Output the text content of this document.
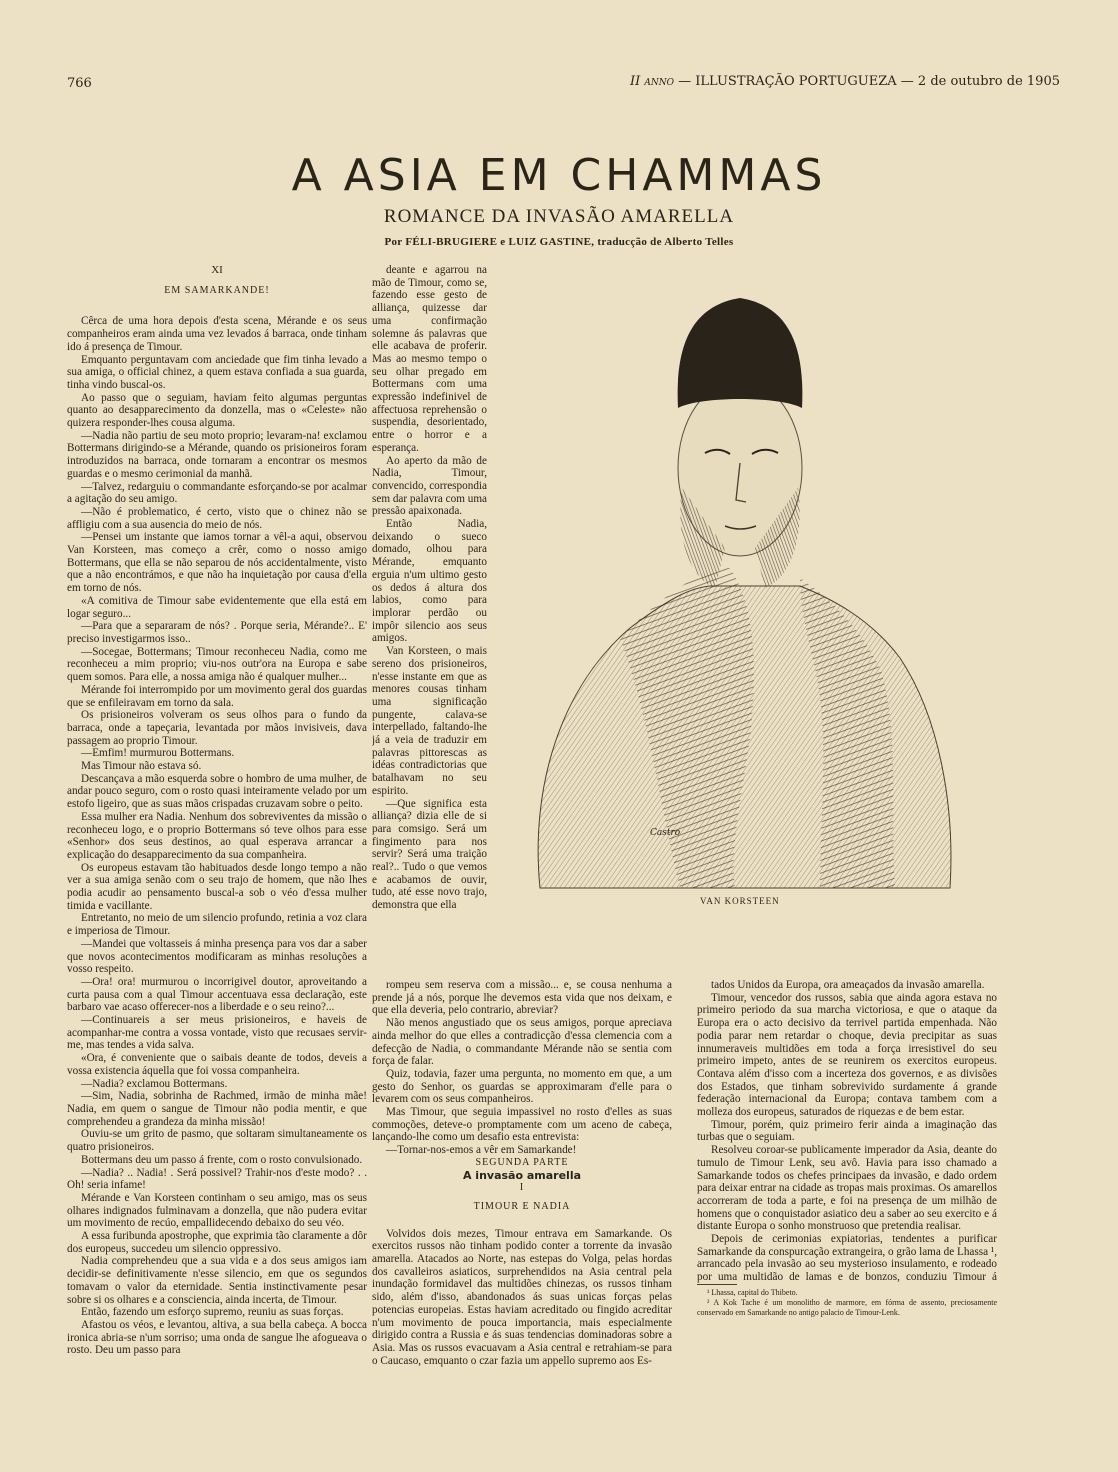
766	II anno — ILLUSTRAÇÃO PORTUGUEZA — 2 de outubro de 1905
A ASIA EM CHAMMAS
ROMANCE DA INVASÃO AMARELLA
Por FÉLI-BRUGIERE e LUIZ GASTINE, traducção de Alberto Telles
XI
EM SAMARKANDE!

Cêrca de uma hora depois d'esta scena, Mérande e os seus companheiros eram ainda uma vez levados á barraca, onde tinham ido á presença de Timour.

Emquanto perguntavam com anciedade que fim tinha levado a sua amiga, o official chinez, a quem estava confiada a sua guarda, tinha vindo buscal-os.

Ao passo que o seguiam, haviam feito algumas perguntas quanto ao desapparecimento da donzella, mas o «Celeste» não quizera responder-lhes cousa alguma.

—Nadia não partiu de seu moto proprio; levaram-na! exclamou Bottermans dirigindo-se a Mérande, quando os prisioneiros foram introduzidos na barraca, onde tornaram a encontrar os mesmos guardas e o mesmo cerimonial da manhã.

—Talvez, redarguiu o commandante esforçando-se por acalmar a agitação do seu amigo.

—Não é problematico, é certo, visto que o chinez não se affligiu com a sua ausencia do meio de nós.

—Pensei um instante que iamos tornar a vêl-a aqui, observou Van Korsteen, mas começo a crêr, como o nosso amigo Bottermans, que ella se não separou de nós accidentalmente, visto que a não encontrámos, e que não ha inquietação por causa d'ella em torno de nós.

«A comitiva de Timour sabe evidentemente que ella está em logar seguro...

—Para que a separaram de nós? . Porque seria, Mérande?.. E' preciso investigarmos isso..

—Socegae, Bottermans; Timour reconheceu Nadia, como me reconheceu a mim proprio; viu-nos outr'ora na Europa e sabe quem somos. Para elle, a nossa amiga não é qualquer mulher...

Mérande foi interrompido por um movimento geral dos guardas que se enfileiravam em torno da sala.

Os prisioneiros volveram os seus olhos para o fundo da barraca, onde a tapeçaria, levantada por mãos invisiveis, dava passagem ao proprio Timour.

—Emfim! murmurou Bottermans.

Mas Timour não estava só.

Descançava a mão esquerda sobre o hombro de uma mulher, de andar pouco seguro, com o rosto quasi inteiramente velado por um estofo ligeiro, que as suas mãos crispadas cruzavam sobre o peito.

Essa mulher era Nadia. Nenhum dos sobreviventes da missão o reconheceu logo, e o proprio Bottermans só teve olhos para esse «Senhor» dos seus destinos, ao qual esperava arrancar a explicação do desapparecimento da sua companheira.

Os europeus estavam tão habituados desde longo tempo a não ver a sua amiga senão com o seu trajo de homem, que não lhes podia acudir ao pensamento buscal-a sob o véo d'essa mulher timida e vacillante.

Entretanto, no meio de um silencio profundo, retinia a voz clara e imperiosa de Timour.

—Mandei que voltasseis á minha presença para vos dar a saber que novos acontecimentos modificaram as minhas resoluções a vosso respeito.

—Ora! ora! murmurou o incorrigivel doutor, aproveitando a curta pausa com a qual Timour accentuava essa declaração, este barbaro vae acaso offerecer-nos a liberdade e o seu reino?...

—Continuareis a ser meus prisioneiros, e haveis de acompanhar-me contra a vossa vontade, visto que recusaes servir-me, mas tendes a vida salva.

«Ora, é conveniente que o saibais deante de todos, deveis a vossa existencia áquella que foi vossa companheira.

—Nadia? exclamou Bottermans.

—Sim, Nadia, sobrinha de Rachmed, irmão de minha mãe! Nadia, em quem o sangue de Timour não podia mentir, e que comprehendeu a grandeza da minha missão!

Ouviu-se um grito de pasmo, que soltaram simultaneamente os quatro prisioneiros.

Bottermans deu um passo á frente, com o rosto convulsionado.

—Nadia? .. Nadia! . Será possivel? Trahir-nos d'este modo? . . Oh! seria infame!

Mérande e Van Korsteen continham o seu amigo, mas os seus olhares indignados fulminavam a donzella, que não pudera evitar um movimento de recúo, empallidecendo debaixo do seu véo.

A essa furibunda apostrophe, que exprimia tão claramente a dôr dos europeus, succedeu um silencio oppressivo.

Nadia comprehendeu que a sua vida e a dos seus amigos iam decidir-se definitivamente n'esse silencio, em que os segundos tomavam o valor da eternidade. Sentia instinctivamente pesar sobre si os olhares e a consciencia, ainda incerta, de Timour.

Então, fazendo um esforço supremo, reuniu as suas forças.

Afastou os véos, e levantou, altiva, a sua bella cabeça. A bocca ironica abria-se n'um sorriso; uma onda de sangue lhe afogueava o rosto. Deu um passo para

deante e agarrou na mão de Timour, como se, fazendo esse gesto de alliança, quizesse dar uma confirmação solemne ás palavras que elle acabava de proferir. Mas ao mesmo tempo o seu olhar pregado em Bottermans com uma expressão indefinivel de affectuosa reprehensão o suspendia, desorientado, entre o horror e a esperança.

Ao aperto da mão de Nadia, Timour, convencido, correspondia sem dar palavra com uma pressão apaixonada.

Então Nadia, deixando o sueco domado, olhou para Mérande, emquanto erguia n'um ultimo gesto os dedos á altura dos labios, como para implorar perdão ou impôr silencio aos seus amigos.

Van Korsteen, o mais sereno dos prisioneiros, n'esse instante em que as menores cousas tinham uma significação pungente, calava-se interpellado, faltando-lhe já a veia de traduzir em palavras pittorescas as idéas contradictorias que batalhavam no seu espirito.

—Que significa esta alliança? dizia elle de si para comsigo. Será um fingimento para nos servir? Será uma traição real?.. Tudo o que vemos e acabamos de ouvir, tudo, até esse novo trajo, demonstra que ella

Castro
VAN KORSTEEN

rompeu sem reserva com a missão... e, se cousa nenhuma a prende já a nós, porque lhe devemos esta vida que nos deixam, e que ella deveria, pelo contrario, abreviar?

Não menos angustiado que os seus amigos, porque apreciava ainda melhor do que elles a contradicção d'essa clemencia com a defecção de Nadia, o commandante Mérande não se sentia com força de falar.

Quiz, todavia, fazer uma pergunta, no momento em que, a um gesto do Senhor, os guardas se approximaram d'elle para o levarem com os seus companheiros.

Mas Timour, que seguia impassivel no rosto d'elles as suas commoções, deteve-o promptamente com um aceno de cabeça, lançando-lhe como um desafio esta entrevista:

—Tornar-nos-emos a vêr em Samarkande!

SEGUNDA PARTE

A invasão amarella

I

TIMOUR E NADIA

Volvidos dois mezes, Timour entrava em Samarkande. Os exercitos russos não tinham podido conter a torrente da invasão amarella. Atacados ao Norte, nas estepas do Volga, pelas hordas dos cavalleiros asiaticos, surprehendidos na Asia central pela inundação formidavel das multidões chinezas, os russos tinham sido, além d'isso, abandonados ás suas unicas forças pelas potencias europeias. Estas haviam acreditado ou fingido acreditar n'um movimento de pouca importancia, mais especialmente dirigido contra a Russia e ás suas tendencias dominadoras sobre a Asia. Mas os russos evacuavam a Asia central e retrahiam-se para o Caucaso, emquanto o czar fazia um appello supremo aos Es-

tados Unidos da Europa, ora ameaçados da invasão amarella.

Timour, vencedor dos russos, sabia que ainda agora estava no primeiro periodo da sua marcha victoriosa, e que o ataque da Europa era o acto decisivo da terrivel partida empenhada. Não podia parar nem retardar o choque, devia precipitar as suas innumeraveis multidões em toda a força irresistivel do seu primeiro impeto, antes de se reunirem os exercitos europeus. Contava além d'isso com a incerteza dos governos, e as divisões dos Estados, que tinham sobrevivido surdamente á grande federação internacional da Europa; contava tambem com a molleza dos europeus, saturados de riquezas e de bem estar.

Timour, porém, quiz primeiro ferir ainda a imaginação das turbas que o seguiam.

Resolveu coroar-se publicamente imperador da Asia, deante do tumulo de Timour Lenk, seu avô. Havia para isso chamado a Samarkande todos os chefes principaes da invasão, e dado ordem para deixar entrar na cidade as tropas mais proximas. Os amarellos accorreram de toda a parte, e foi na presença de um milhão de homens que o conquistador asiatico deu a saber ao seu exercito e á distante Europa o sonho monstruoso que pretendia realisar.

Depois de cerimonias expiatorias, tendentes a purificar Samarkande da conspurcação extrangeira, o grão lama de Lhassa ¹, arrancado pela invasão ao seu mysterioso insulamento, e rodeado por uma multidão de lamas e de bonzos, conduziu Timour á

¹ Lhassa, capital do Thibeto.

² A Kok Tache é um monolitho de marmore, em fórma de assento, preciosamente conservado em Samarkande no antigo palacio de Timour-Lenk.
